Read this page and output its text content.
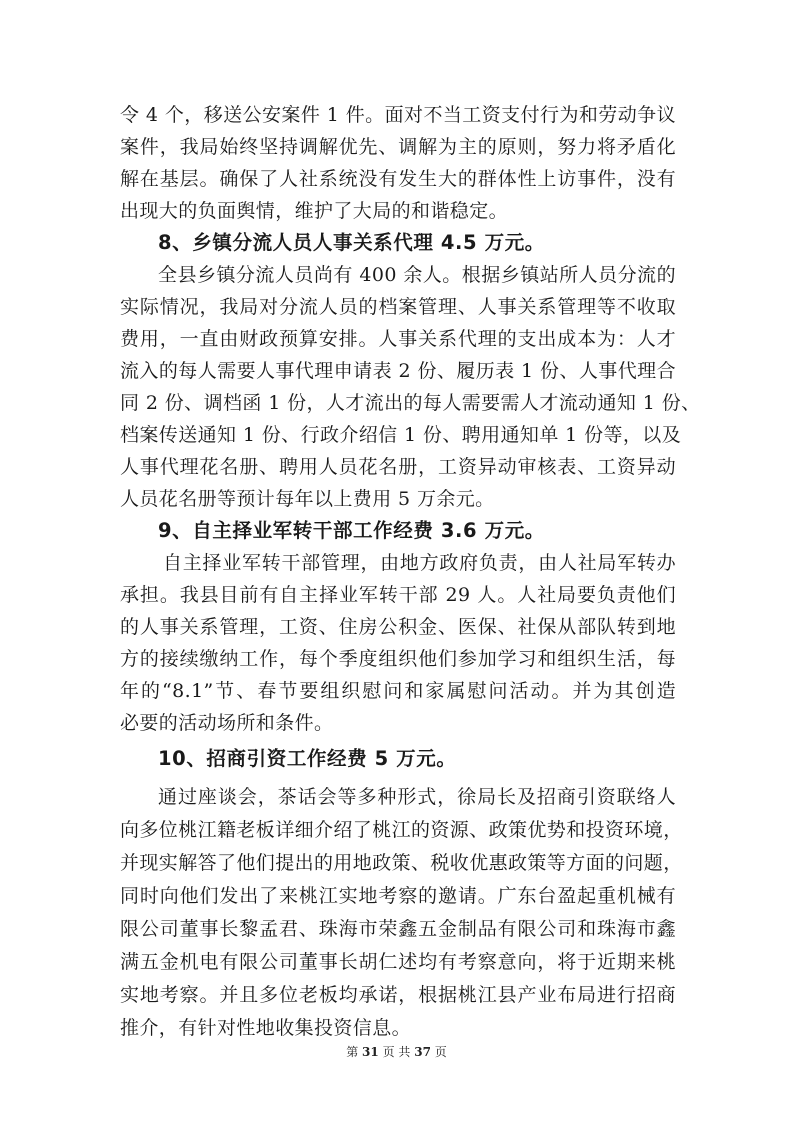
令 4 个，移送公安案件 1 件。面对不当工资支付行为和劳动争议
案件，我局始终坚持调解优先、调解为主的原则，努力将矛盾化
解在基层。确保了人社系统没有发生大的群体性上访事件，没有
出现大的负面舆情，维护了大局的和谐稳定。
8、乡镇分流人员人事关系代理 4.5 万元。
全县乡镇分流人员尚有 400 余人。根据乡镇站所人员分流的
实际情况，我局对分流人员的档案管理、人事关系管理等不收取
费用，一直由财政预算安排。人事关系代理的支出成本为：人才
流入的每人需要人事代理申请表 2 份、履历表 1 份、人事代理合
同 2 份、调档函 1 份，人才流出的每人需要需人才流动通知 1 份、
档案传送通知 1 份、行政介绍信 1 份、聘用通知单 1 份等，以及
人事代理花名册、聘用人员花名册，工资异动审核表、工资异动
人员花名册等预计每年以上费用 5 万余元。
9、自主择业军转干部工作经费 3.6 万元。
自主择业军转干部管理，由地方政府负责，由人社局军转办
承担。我县目前有自主择业军转干部 29 人。人社局要负责他们
的人事关系管理，工资、住房公积金、医保、社保从部队转到地
方的接续缴纳工作，每个季度组织他们参加学习和组织生活，每
年的“8.1”节、春节要组织慰问和家属慰问活动。并为其创造
必要的活动场所和条件。
10、招商引资工作经费 5 万元。
通过座谈会，茶话会等多种形式，徐局长及招商引资联络人
向多位桃江籍老板详细介绍了桃江的资源、政策优势和投资环境，
并现实解答了他们提出的用地政策、税收优惠政策等方面的问题，
同时向他们发出了来桃江实地考察的邀请。广东台盈起重机械有
限公司董事长黎孟君、珠海市荣鑫五金制品有限公司和珠海市鑫
满五金机电有限公司董事长胡仁述均有考察意向，将于近期来桃
实地考察。并且多位老板均承诺，根据桃江县产业布局进行招商
推介，有针对性地收集投资信息。
第 31 页 共 37 页
